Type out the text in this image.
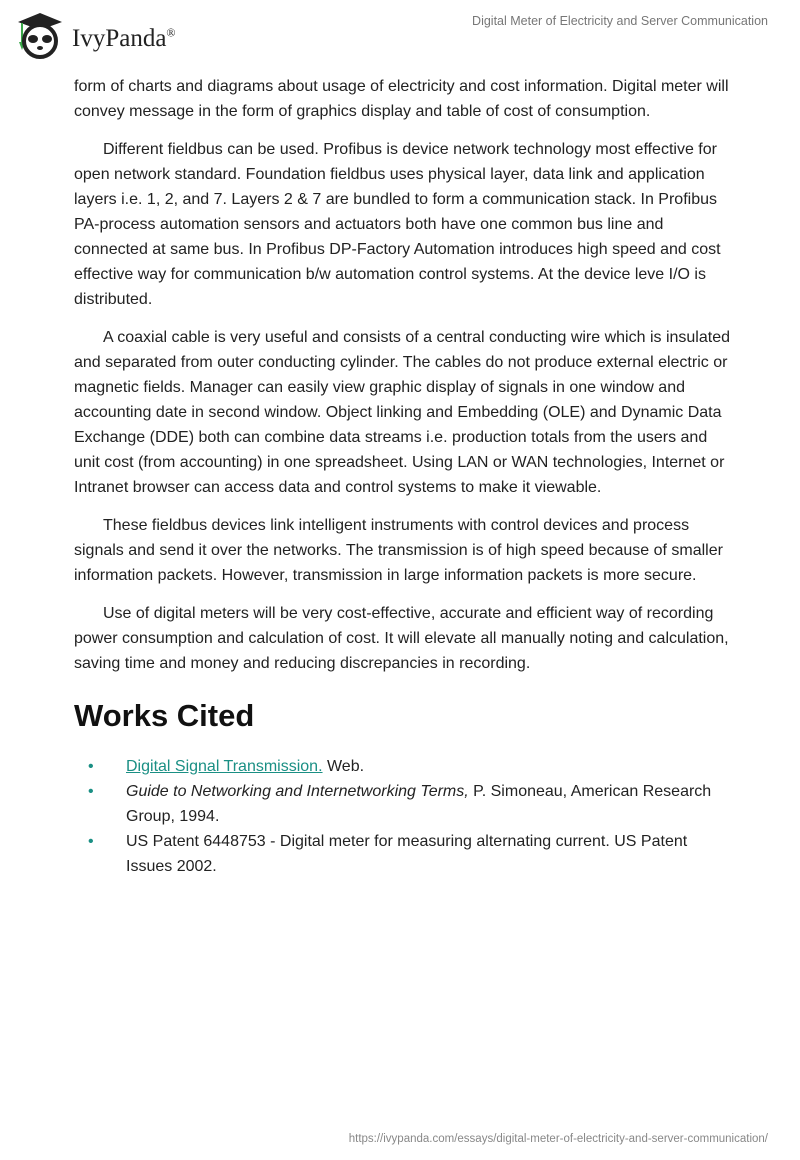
IvyPanda®
Digital Meter of Electricity and Server Communication

form of charts and diagrams about usage of electricity and cost information. Digital meter will convey message in the form of graphics display and table of cost of consumption.

Different fieldbus can be used. Profibus is device network technology most effective for open network standard. Foundation fieldbus uses physical layer, data link and application layers i.e. 1, 2, and 7. Layers 2 & 7 are bundled to form a communication stack. In Profibus PA-process automation sensors and actuators both have one common bus line and connected at same bus. In Profibus DP-Factory Automation introduces high speed and cost effective way for communication b/w automation control systems. At the device leve I/O is distributed.

A coaxial cable is very useful and consists of a central conducting wire which is insulated and separated from outer conducting cylinder. The cables do not produce external electric or magnetic fields. Manager can easily view graphic display of signals in one window and accounting date in second window. Object linking and Embedding (OLE) and Dynamic Data Exchange (DDE) both can combine data streams i.e. production totals from the users and unit cost (from accounting) in one spreadsheet. Using LAN or WAN technologies, Internet or Intranet browser can access data and control systems to make it viewable.

These fieldbus devices link intelligent instruments with control devices and process signals and send it over the networks. The transmission is of high speed because of smaller information packets. However, transmission in large information packets is more secure.

Use of digital meters will be very cost-effective, accurate and efficient way of recording power consumption and calculation of cost. It will elevate all manually noting and calculation, saving time and money and reducing discrepancies in recording.

Works Cited
• Digital Signal Transmission. Web.
• Guide to Networking and Internetworking Terms, P. Simoneau, American Research Group, 1994.
• US Patent 6448753 - Digital meter for measuring alternating current. US Patent Issues 2002.
https://ivypanda.com/essays/digital-meter-of-electricity-and-server-communication/
